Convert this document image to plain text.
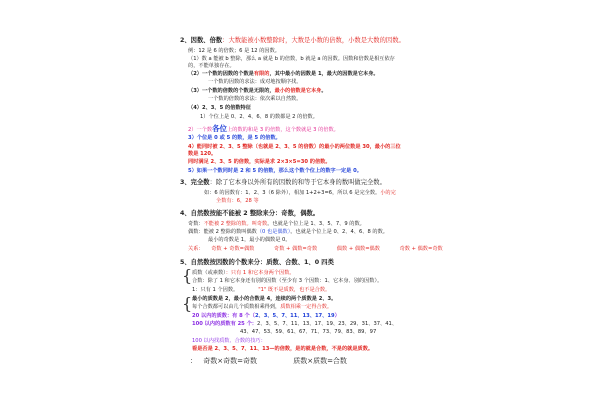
2、因数、倍数：大数能被小数整除时，大数是小数的倍数，小数是大数的因数。
例：12 是 6 的倍数；6 是 12 的因数。
（1）数 a 能被 b 整除，那么 a 就是 b 的倍数，b 就是 a 的因数。因数和倍数是相互依存
的，不能单独存在。
（2）一个数的因数的个数是有限的，其中最小的因数是 1，最大的因数是它本身。
一个数的因数的求法：成对地按顺序找。
（3）一个数的倍数的个数是无限的，最小的倍数是它本身。
一个数的倍数的求法：依次乘以自然数。
（4）2、3、5 的倍数特征
1）个位上是 0、2、4、6、8 的数都是 2 的倍数。
2）一个数各位上的数的和是 3 的倍数，这个数就是 3 的倍数。
3）个位是 0 或 5 的数，是 5 的倍数。
4）能同时被 2、3、5 整除（也就是 2、3、5 的倍数）的最小的两位数是 30，最小的三位
数是 120。
同时满足 2、3、5 的倍数，实际是求 2×3×5=30 的倍数。
5）如果一个数同时是 2 和 5 的倍数，那么这个数个位上的数字一定是 0。
3、完全数：除了它本身以外所有的因数的和等于它本身的数叫做完全数。
如：6 的因数有：1、2、3（6 除外），相加 1+2+3=6，所以 6 是完全数。小的完
全数有：6，28 等
4、自然数按能不能被 2 整除来分：奇数，偶数。
奇数：不能被 2 整除的数。叫奇数。也就是个位上是 1、3、5、7、9 的数。
偶数：能被 2 整除的数叫偶数（0 也是偶数）。也就是个位上是 0、2、4、6、8 的数。
最小的奇数是 1，最小的偶数是 0。
关系： 奇数 + 奇数=偶数	奇数 + 偶数=奇数	偶数 + 偶数=偶数	奇数 + 偶数=奇数
5、自然数按因数的个数来分：质数、合数、1、0 四类
{
{
质数（或素数）：只有 1 和它本身两个因数。
合数：除了 1 和它本身还有别的因数（至少有 3 个因数：1、它本身、别的因数）。
1：只有 1 个因数。	"1" 既不是质数，也不是合数。
最小的质数是 2，最小的合数是 4，连续的两个质数是 2、3。
每个合数都可以由几个质数相乘得到，质数相乘一定得合数。
20 以内的质数：有 8 个（2、3、5、7、11、13、17、19）
100 以内的质数有 25 个：2、3、5、7、11、13、17、19、23、29、31、37、41、
43、47、53、59、61、67、71、73、79、83、89、97
100 以内找质数、合数的技巧：
看是否是 2、3、5、7、11、13—的倍数，是的就是合数，不是的就是质数。
： 奇数×奇数=奇数	质数×质数=合数
